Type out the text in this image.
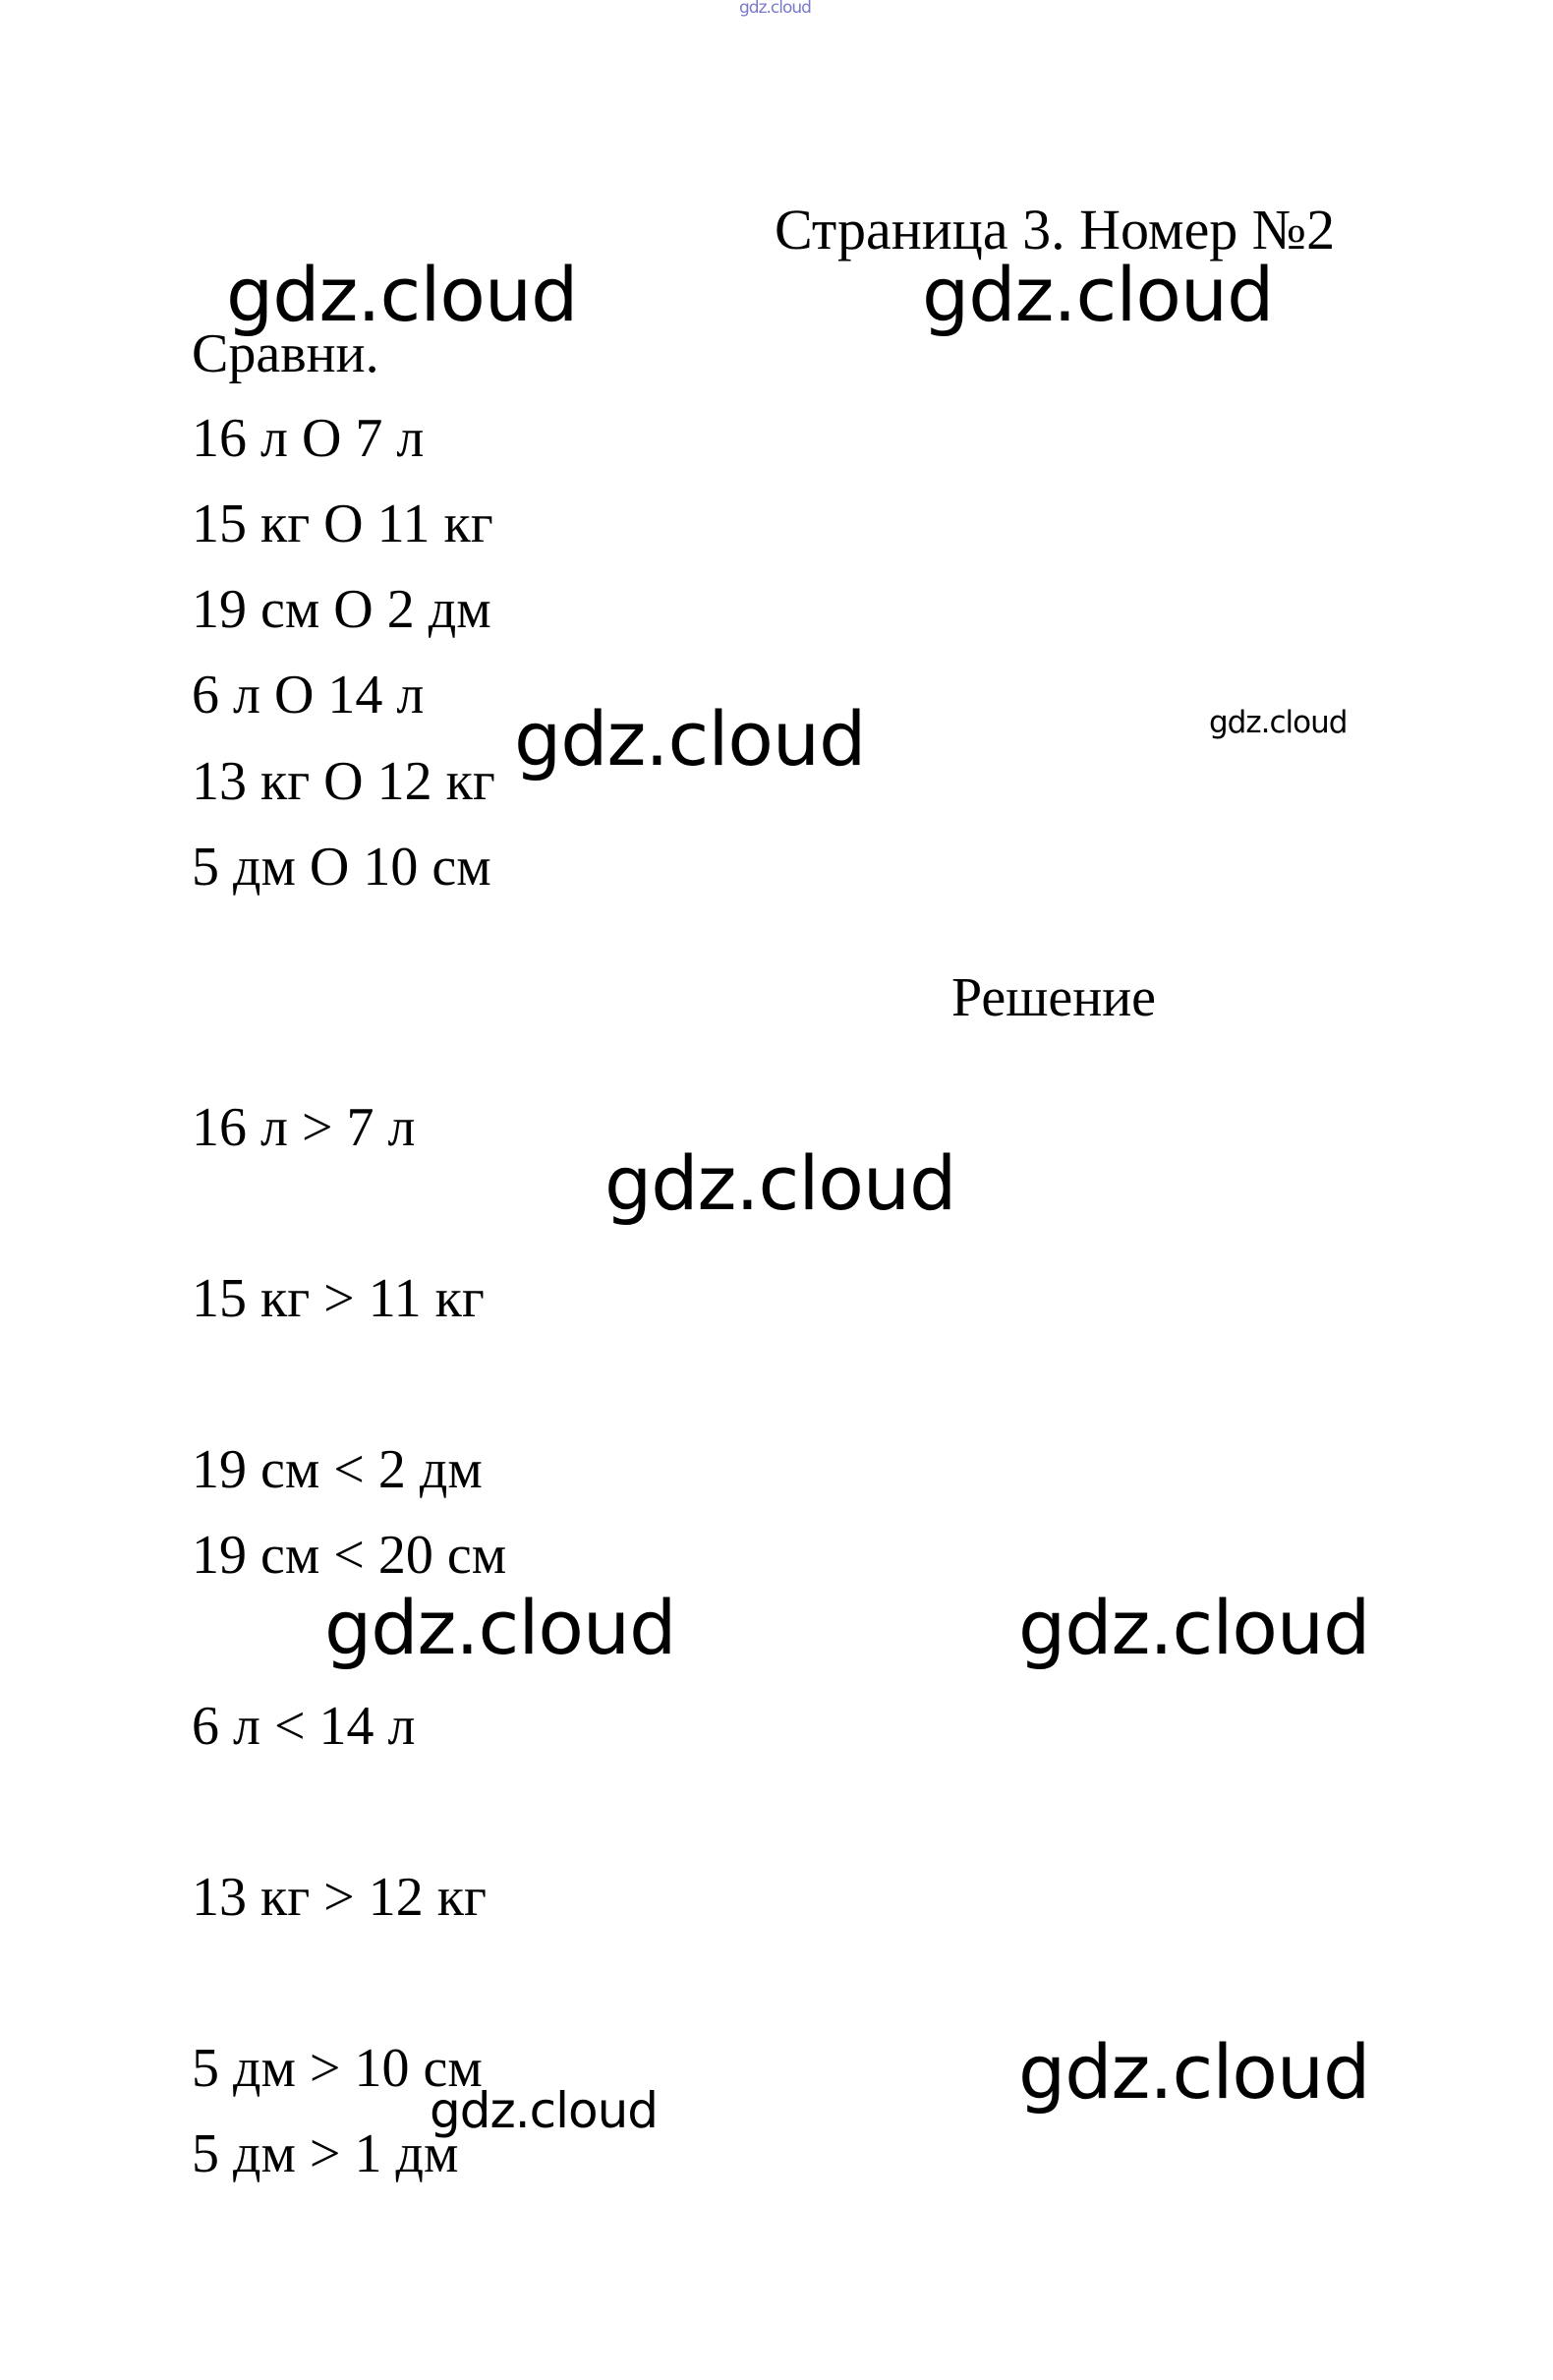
gdz.cloud
Страница 3. Номер №2
Сравни.
16 л О 7 л
15 кг О 11 кг
19 см О 2 дм
6 л О 14 л
13 кг О 12 кг
5 дм О 10 см
Решение
16 л > 7 л
15 кг > 11 кг
19 см < 2 дм
19 см < 20 см
6 л < 14 л
13 кг > 12 кг
5 дм > 10 см
5 дм > 1 дм
gdz.cloud	gdz.cloud
gdz.cloud	gdz.cloud
gdz.cloud
gdz.cloud	gdz.cloud
gdz.cloud
gdz.cloud
